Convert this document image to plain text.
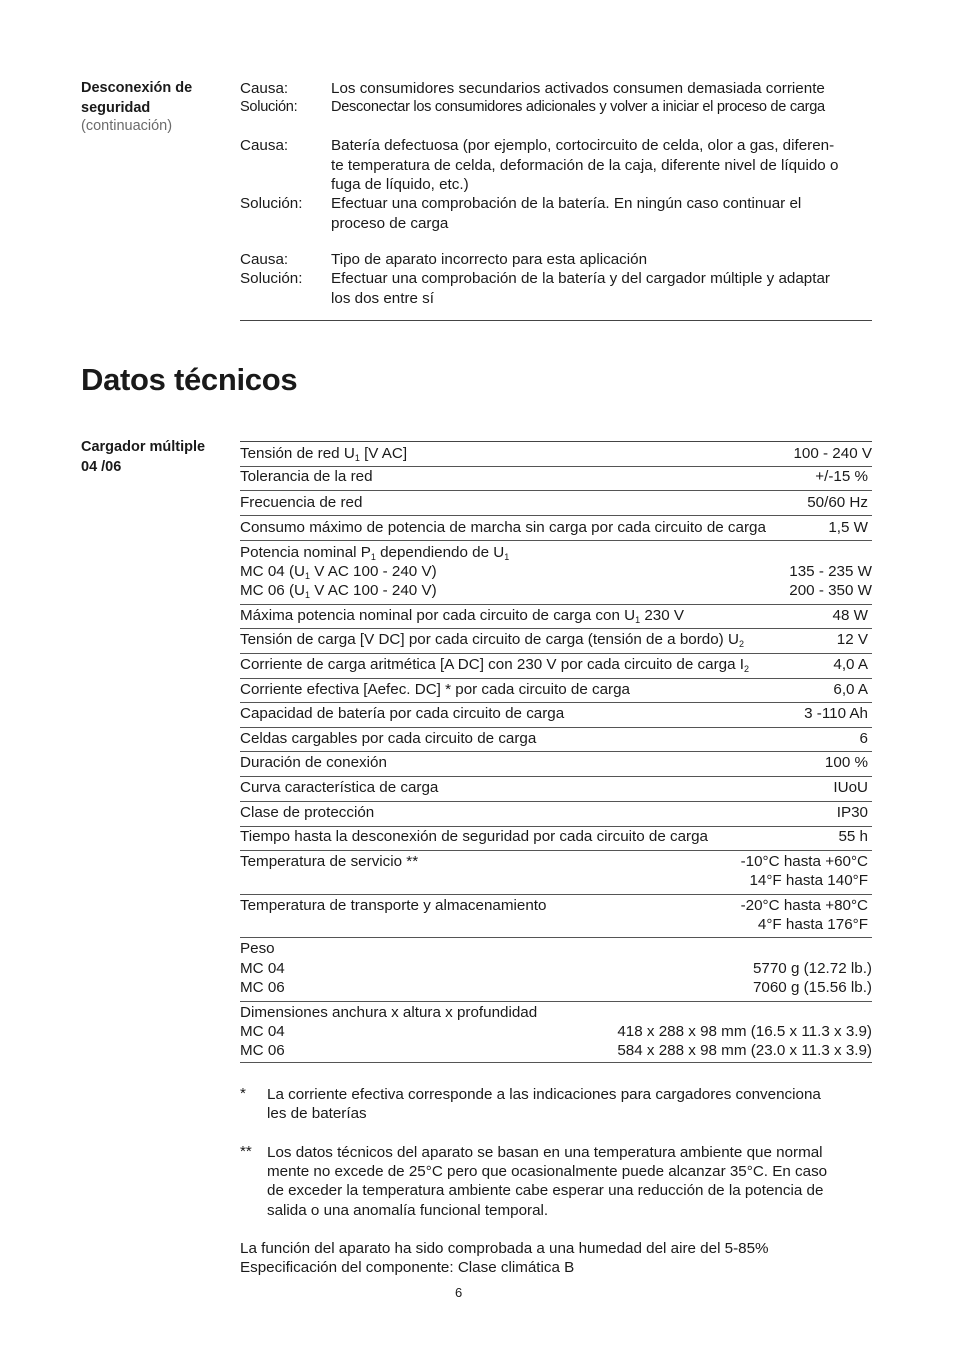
Desconexión de
seguridad
(continuación)
Causa:	Los consumidores secundarios activados consumen demasiada corriente
Solución: Desconectar los consumidores adicionales y volver a iniciar el proceso de carga
Causa:	Batería defectuosa (por ejemplo, cortocircuito de celda, olor a gas, diferen-
te temperatura de celda, deformación de la caja, diferente nivel de líquido o
fuga de líquido, etc.)
Solución: Efectuar una comprobación de la batería. En ningún caso continuar el
proceso de carga
Causa:	Tipo de aparato incorrecto para esta aplicación
Solución: Efectuar una comprobación de la batería y del cargador múltiple y adaptar
los dos entre sí
Datos técnicos
Cargador múltiple
04 /06
Tensión de red $U_1$ [V AC]	100 - 240 V
Tolerancia de la red	+/-15 %
Frecuencia de red	50/60 Hz
Consumo máximo de potencia de marcha sin carga por cada circuito de carga	1,5 W
Potencia nominal $P_1$ dependiendo de $U_1$
MC 04 ($U_1$ V AC 100 - 240 V)	135 - 235 W
MC 06 ($U_1$ V AC 100 - 240 V)	200 - 350 W
Máxima potencia nominal por cada circuito de carga con $U_1$ 230 V	48 W
Tensión de carga [V DC] por cada circuito de carga (tensión de a bordo) $U_2$	12 V
Corriente de carga aritmética [A DC] con 230 V por cada circuito de carga $I_2$	4,0 A
Corriente efectiva [Aefec. DC] * por cada circuito de carga	6,0 A
Capacidad de batería por cada circuito de carga	3 -110 Ah
Celdas cargables por cada circuito de carga	6
Duración de conexión	100 %
Curva característica de carga	IUoU
Clase de protección	IP30
Tiempo hasta la desconexión de seguridad por cada circuito de carga	55 h
Temperatura de servicio **	-10°C hasta +60°C
14°F hasta 140°F
Temperatura de transporte y almacenamiento	-20°C hasta +80°C
4°F hasta 176°F
Peso
MC 04	5770 g (12.72 lb.)
MC 06	7060 g (15.56 lb.)
Dimensiones anchura x altura x profundidad
MC 04	418 x 288 x 98 mm (16.5 x 11.3 x 3.9)
MC 06	584 x 288 x 98 mm (23.0 x 11.3 x 3.9)
* La corriente efectiva corresponde a las indicaciones para cargadores convenciona
les de baterías
** Los datos técnicos del aparato se basan en una temperatura ambiente que normal
mente no excede de 25°C pero que ocasionalmente puede alcanzar 35°C. En caso
de exceder la temperatura ambiente cabe esperar una reducción de la potencia de
salida o una anomalía funcional temporal.
La función del aparato ha sido comprobada a una humedad del aire del 5-85%
Especificación del componente: Clase climática B
6
